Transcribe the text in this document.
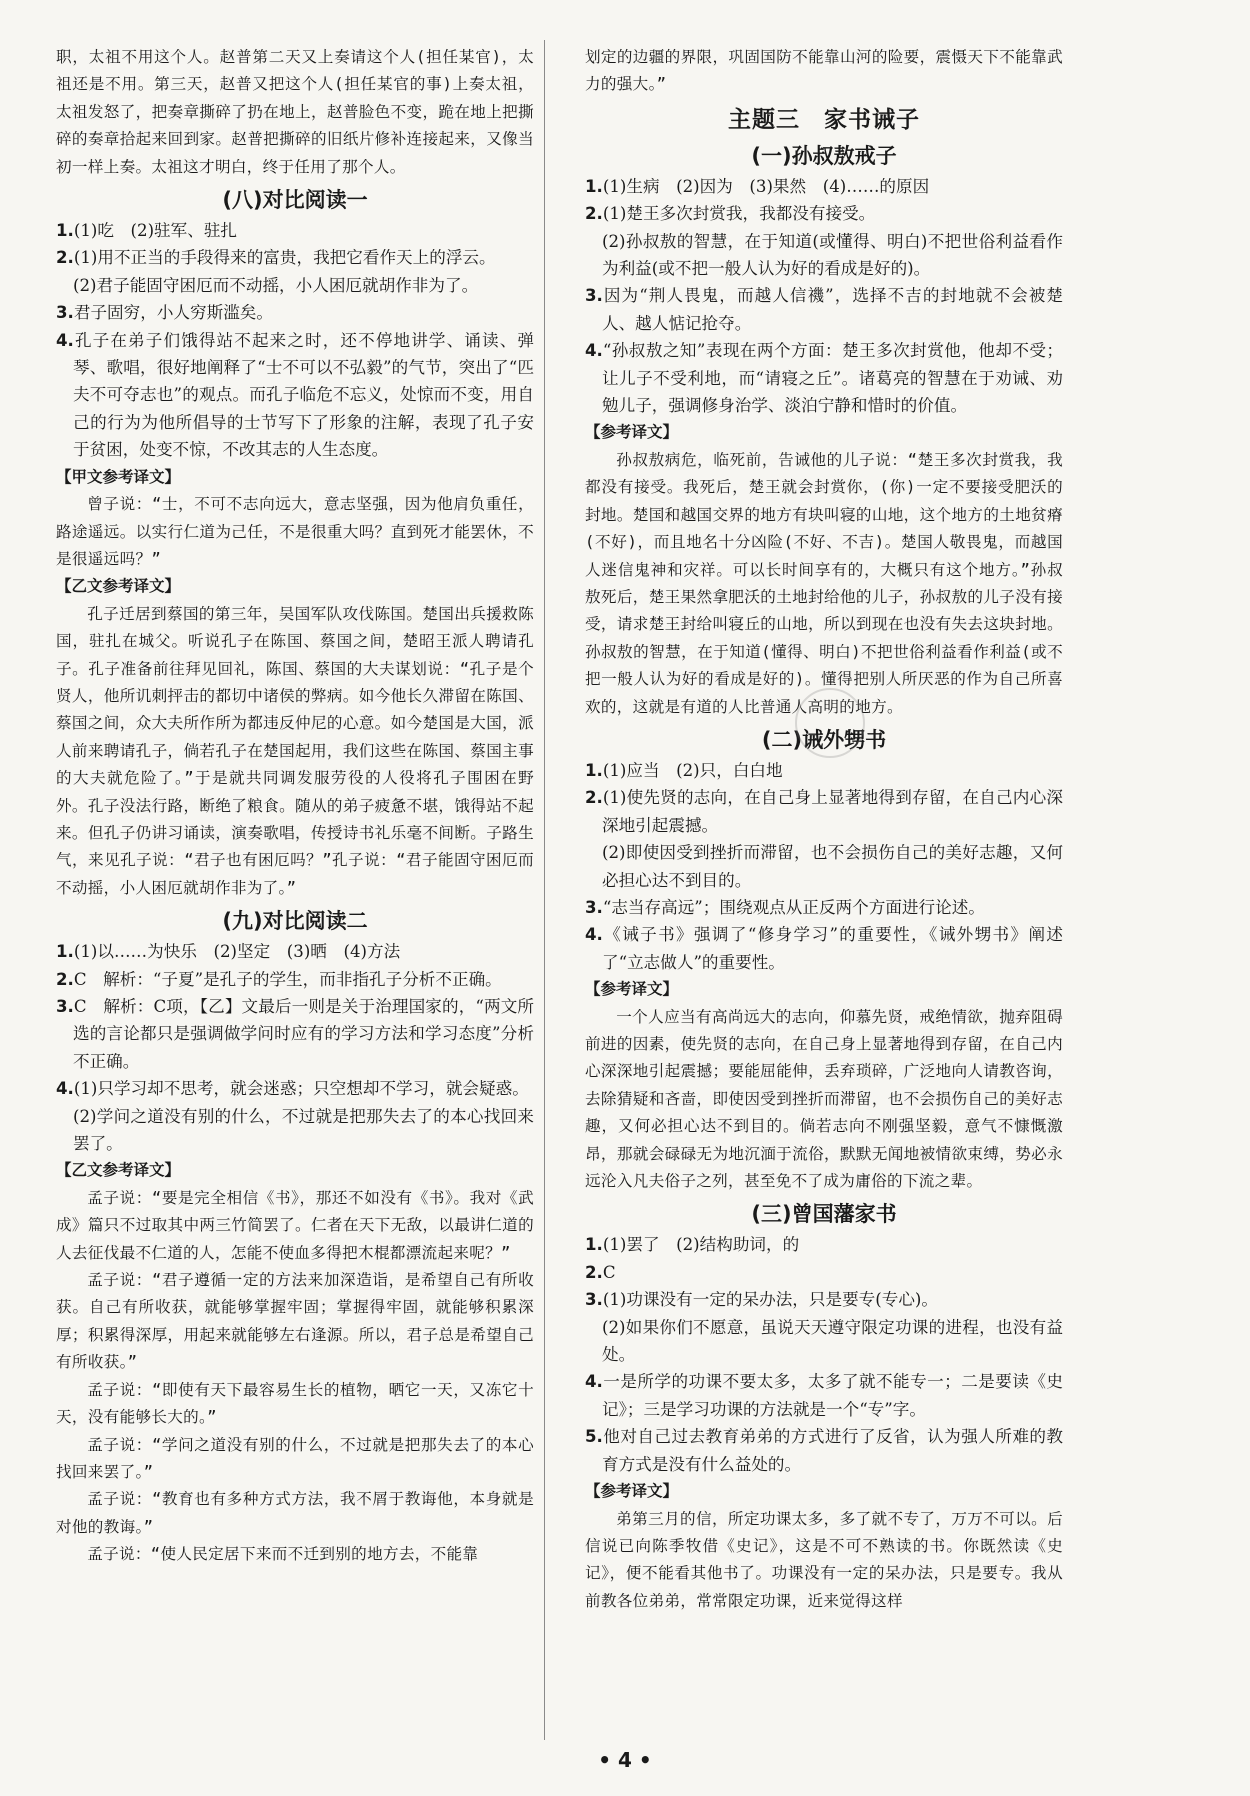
职，太祖不用这个人。赵普第二天又上奏请这个人(担任某官)，太祖还是不用。第三天，赵普又把这个人(担任某官的事)上奏太祖，太祖发怒了，把奏章撕碎了扔在地上，赵普脸色不变，跪在地上把撕碎的奏章拾起来回到家。赵普把撕碎的旧纸片修补连接起来，又像当初一样上奏。太祖这才明白，终于任用了那个人。

(八)对比阅读一

1.(1)吃　(2)驻军、驻扎

2.(1)用不正当的手段得来的富贵，我把它看作天上的浮云。

(2)君子能固守困厄而不动摇，小人困厄就胡作非为了。

3.君子固穷，小人穷斯滥矣。

4.孔子在弟子们饿得站不起来之时，还不停地讲学、诵读、弹琴、歌唱，很好地阐释了“士不可以不弘毅”的气节，突出了“匹夫不可夺志也”的观点。而孔子临危不忘义，处惊而不变，用自己的行为为他所倡导的士节写下了形象的注解，表现了孔子安于贫困，处变不惊，不改其志的人生态度。

【甲文参考译文】

曾子说：“士，不可不志向远大，意志坚强，因为他肩负重任，路途遥远。以实行仁道为己任，不是很重大吗？直到死才能罢休，不是很遥远吗？”

【乙文参考译文】

孔子迁居到蔡国的第三年，吴国军队攻伐陈国。楚国出兵援救陈国，驻扎在城父。听说孔子在陈国、蔡国之间，楚昭王派人聘请孔子。孔子准备前往拜见回礼，陈国、蔡国的大夫谋划说：“孔子是个贤人，他所讥刺抨击的都切中诸侯的弊病。如今他长久滞留在陈国、蔡国之间，众大夫所作所为都违反仲尼的心意。如今楚国是大国，派人前来聘请孔子，倘若孔子在楚国起用，我们这些在陈国、蔡国主事的大夫就危险了。”于是就共同调发服劳役的人役将孔子围困在野外。孔子没法行路，断绝了粮食。随从的弟子疲惫不堪，饿得站不起来。但孔子仍讲习诵读，演奏歌唱，传授诗书礼乐毫不间断。子路生气，来见孔子说：“君子也有困厄吗？”孔子说：“君子能固守困厄而不动摇，小人困厄就胡作非为了。”

(九)对比阅读二

1.(1)以……为快乐　(2)坚定　(3)晒　(4)方法

2.C　解析：“子夏”是孔子的学生，而非指孔子分析不正确。

3.C　解析：C项，【乙】文最后一则是关于治理国家的，“两文所选的言论都只是强调做学问时应有的学习方法和学习态度”分析不正确。

4.(1)只学习却不思考，就会迷惑；只空想却不学习，就会疑惑。

(2)学问之道没有别的什么，不过就是把那失去了的本心找回来罢了。

【乙文参考译文】

孟子说：“要是完全相信《书》，那还不如没有《书》。我对《武成》篇只不过取其中两三竹简罢了。仁者在天下无敌，以最讲仁道的人去征伐最不仁道的人，怎能不使血多得把木棍都漂流起来呢？”

孟子说：“君子遵循一定的方法来加深造诣，是希望自己有所收获。自己有所收获，就能够掌握牢固；掌握得牢固，就能够积累深厚；积累得深厚，用起来就能够左右逢源。所以，君子总是希望自己有所收获。”

孟子说：“即使有天下最容易生长的植物，晒它一天，又冻它十天，没有能够长大的。”

孟子说：“学问之道没有别的什么，不过就是把那失去了的本心找回来罢了。”

孟子说：“教育也有多种方式方法，我不屑于教诲他，本身就是对他的教诲。”

孟子说：“使人民定居下来而不迁到别的地方去，不能靠

划定的边疆的界限，巩固国防不能靠山河的险要，震慑天下不能靠武力的强大。”

主题三　家书诫子
(一)孙叔敖戒子

1.(1)生病　(2)因为　(3)果然　(4)……的原因

2.(1)楚王多次封赏我，我都没有接受。

(2)孙叔敖的智慧，在于知道(或懂得、明白)不把世俗利益看作为利益(或不把一般人认为好的看成是好的)。

3.因为“荆人畏鬼，而越人信禨”，选择不吉的封地就不会被楚人、越人惦记抢夺。

4.“孙叔敖之知”表现在两个方面：楚王多次封赏他，他却不受；让儿子不受利地，而“请寝之丘”。诸葛亮的智慧在于劝诫、劝勉儿子，强调修身治学、淡泊宁静和惜时的价值。

【参考译文】

孙叔敖病危，临死前，告诫他的儿子说：“楚王多次封赏我，我都没有接受。我死后，楚王就会封赏你，(你)一定不要接受肥沃的封地。楚国和越国交界的地方有块叫寝的山地，这个地方的土地贫瘠(不好)，而且地名十分凶险(不好、不吉)。楚国人敬畏鬼，而越国人迷信鬼神和灾祥。可以长时间享有的，大概只有这个地方。”孙叔敖死后，楚王果然拿肥沃的土地封给他的儿子，孙叔敖的儿子没有接受，请求楚王封给叫寝丘的山地，所以到现在也没有失去这块封地。孙叔敖的智慧，在于知道(懂得、明白)不把世俗利益看作利益(或不把一般人认为好的看成是好的)。懂得把别人所厌恶的作为自己所喜欢的，这就是有道的人比普通人高明的地方。

(二)诫外甥书

1.(1)应当　(2)只，白白地

2.(1)使先贤的志向，在自己身上显著地得到存留，在自己内心深深地引起震撼。

(2)即使因受到挫折而滞留，也不会损伤自己的美好志趣，又何必担心达不到目的。

3.“志当存高远”；围绕观点从正反两个方面进行论述。

4.《诫子书》强调了“修身学习”的重要性，《诫外甥书》阐述了“立志做人”的重要性。

【参考译文】

一个人应当有高尚远大的志向，仰慕先贤，戒绝情欲，抛弃阻碍前进的因素，使先贤的志向，在自己身上显著地得到存留，在自己内心深深地引起震撼；要能屈能伸，丢弃琐碎，广泛地向人请教咨询，去除猜疑和吝啬，即使因受到挫折而滞留，也不会损伤自己的美好志趣，又何必担心达不到目的。倘若志向不刚强坚毅，意气不慷慨激昂，那就会碌碌无为地沉湎于流俗，默默无闻地被情欲束缚，势必永远沦入凡夫俗子之列，甚至免不了成为庸俗的下流之辈。

(三)曾国藩家书

1.(1)罢了　(2)结构助词，的

2.C

3.(1)功课没有一定的呆办法，只是要专(专心)。

(2)如果你们不愿意，虽说天天遵守限定功课的进程，也没有益处。

4.一是所学的功课不要太多，太多了就不能专一；二是要读《史记》；三是学习功课的方法就是一个“专”字。

5.他对自己过去教育弟弟的方式进行了反省，认为强人所难的教育方式是没有什么益处的。

【参考译文】

弟第三月的信，所定功课太多，多了就不专了，万万不可以。后信说已向陈季牧借《史记》，这是不可不熟读的书。你既然读《史记》，便不能看其他书了。功课没有一定的呆办法，只是要专。我从前教各位弟弟，常常限定功课，近来觉得这样

• 4 •
